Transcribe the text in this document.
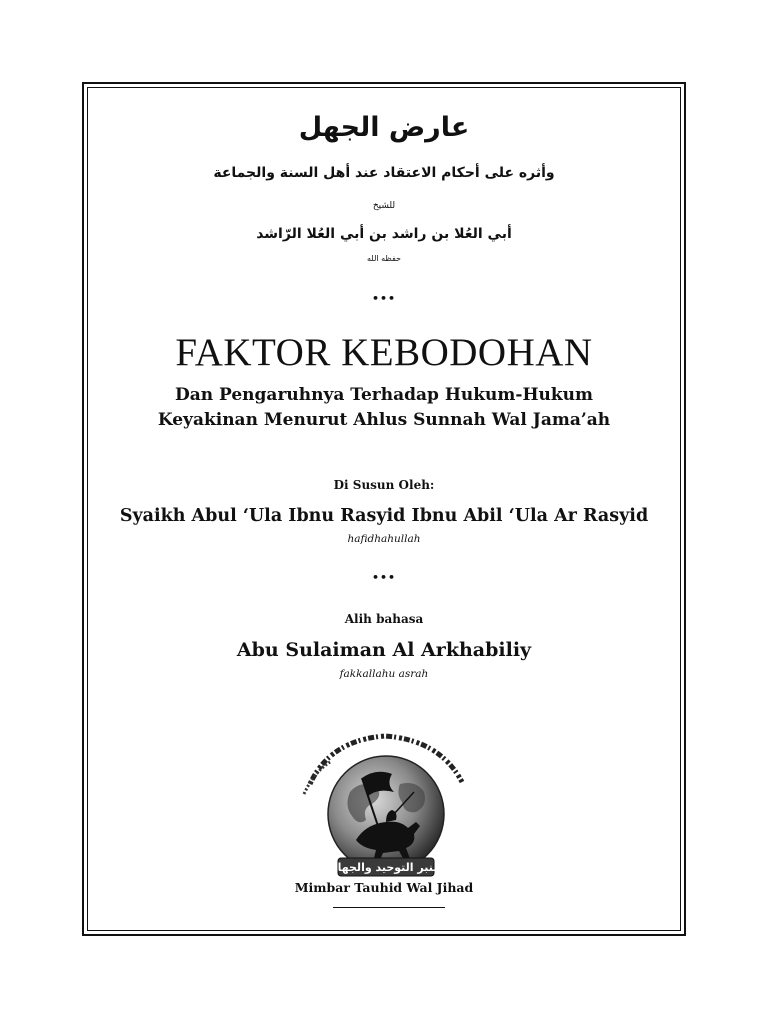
عارض الجهل
وأثره على أحكام الاعتقاد عند أهل السنة والجماعة
للشيخ
أبي العُلا بن راشد بن أبي العُلا الرّاشد
حفظه الله
•••
FAKTOR KEBODOHAN
Dan Pengaruhnya Terhadap Hukum-Hukum
Keyakinan Menurut Ahlus Sunnah Wal Jama’ah
Di Susun Oleh:
Syaikh Abul ‘Ula Ibnu Rasyid Ibnu Abil ‘Ula Ar Rasyid
hafidhahullah
•••
Alih bahasa
Abu Sulaiman Al Arkhabiliy
fakkallahu asrah
منبر التوحيد والجهاد
Mimbar Tauhid Wal Jihad
